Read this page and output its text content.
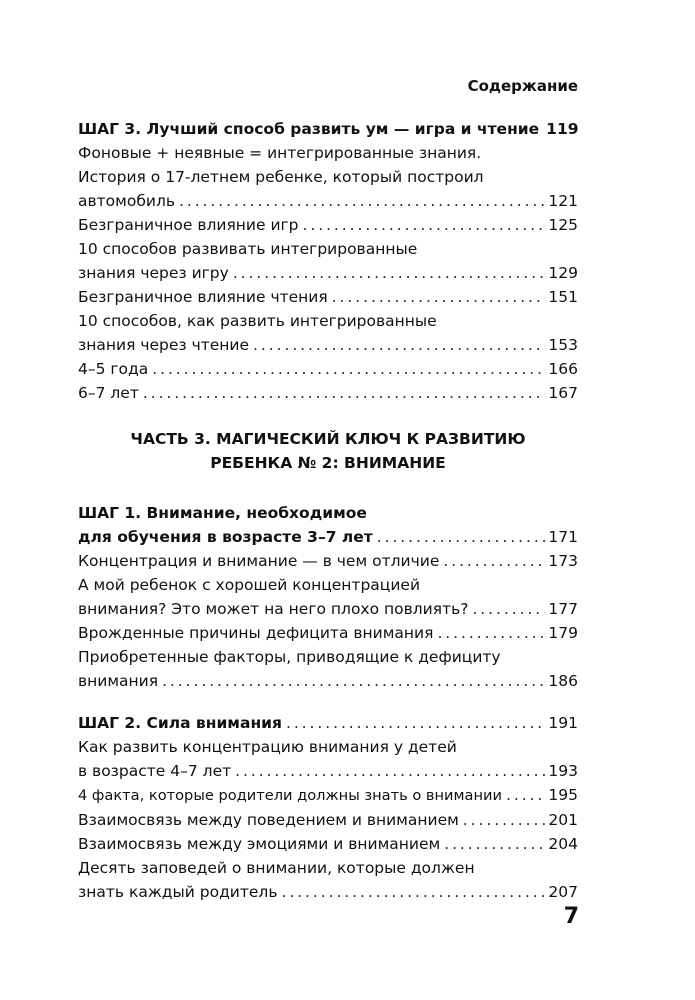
Содержание
ШАГ 3. Лучший способ развить ум — игра и чтение 119
Фоновые + неявные = интегрированные знания.
История о 17-летнем ребенке, который построил
автомобиль . . .	121
Безграничное влияние игр . . .	125
10 способов развивать интегрированные
знания через игру . . .	129
Безграничное влияние чтения . . .	151
10 способов, как развить интегрированные
знания через чтение . . .	153
4–5 года . . .	166
6–7 лет . . .	167
ЧАСТЬ 3. МАГИЧЕСКИЙ КЛЮЧ К РАЗВИТИЮ
РЕБЕНКА № 2: ВНИМАНИЕ
ШАГ 1. Внимание, необходимое
для обучения в возрасте 3–7 лет . . .	171
Концентрация и внимание — в чем отличие . . .	173
А мой ребенок с хорошей концентрацией
внимания? Это может на него плохо повлиять? . . .	177
Врожденные причины дефицита внимания . . .	179
Приобретенные факторы, приводящие к дефициту
внимания . . .	186
ШАГ 2. Сила внимания . . .	191
Как развить концентрацию внимания у детей
в возрасте 4–7 лет . . .	193
4 факта, которые родители должны знать о внимании . . .	195
Взаимосвязь между поведением и вниманием . . .	201
Взаимосвязь между эмоциями и вниманием . . .	204
Десять заповедей о внимании, которые должен
знать каждый родитель . . .	207
7
